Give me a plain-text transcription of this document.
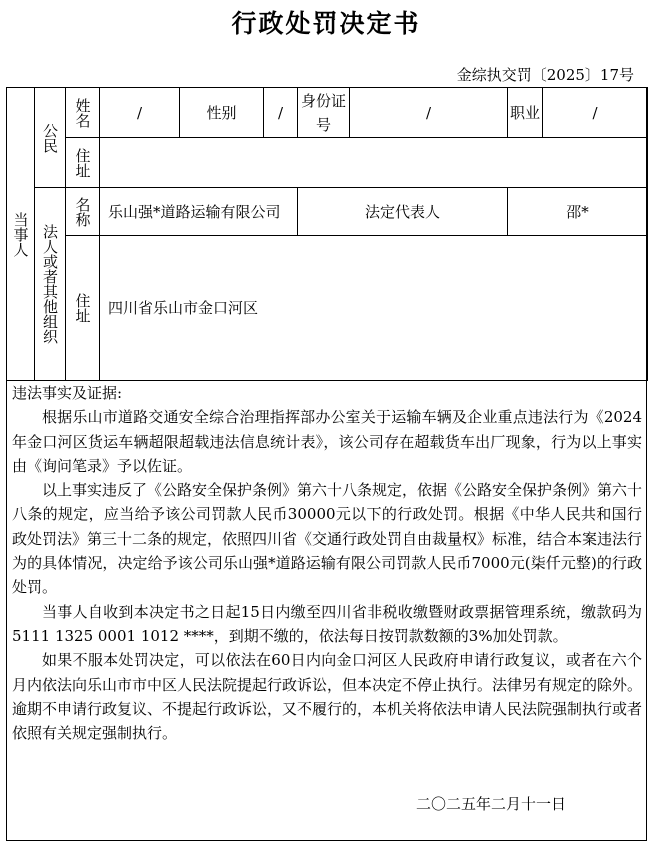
行政处罚决定书
金综执交罚〔2025〕17号
当事人	公民	姓名	/	性别	/	身份证号	/	职业	/
		住址							
	法人或者其他组织	名称	乐山强*道路运输有限公司			法定代表人		邵*	
		住址	四川省乐山市金口河区						

违法事实及证据:

根据乐山市道路交通安全综合治理指挥部办公室关于运输车辆及企业重点违法行为《2024年金口河区货运车辆超限超载违法信息统计表》，该公司存在超载货车出厂现象，行为以上事实由《询问笔录》予以佐证。

以上事实违反了《公路安全保护条例》第六十八条规定，依据《公路安全保护条例》第六十八条的规定，应当给予该公司罚款人民币30000元以下的行政处罚。根据《中华人民共和国行政处罚法》第三十二条的规定，依照四川省《交通行政处罚自由裁量权》标准，结合本案违法行为的具体情况，决定给予该公司乐山强*道路运输有限公司罚款人民币7000元(柒仟元整)的行政处罚。

当事人自收到本决定书之日起15日内缴至四川省非税收缴暨财政票据管理系统，缴款码为5111 1325 0001 1012 ****，到期不缴的，依法每日按罚款数额的3%加处罚款。

如果不服本处罚决定，可以依法在60日内向金口河区人民政府申请行政复议，或者在六个月内依法向乐山市市中区人民法院提起行政诉讼，但本决定不停止执行。法律另有规定的除外。逾期不申请行政复议、不提起行政诉讼，又不履行的，本机关将依法申请人民法院强制执行或者依照有关规定强制执行。

二〇二五年二月十一日
